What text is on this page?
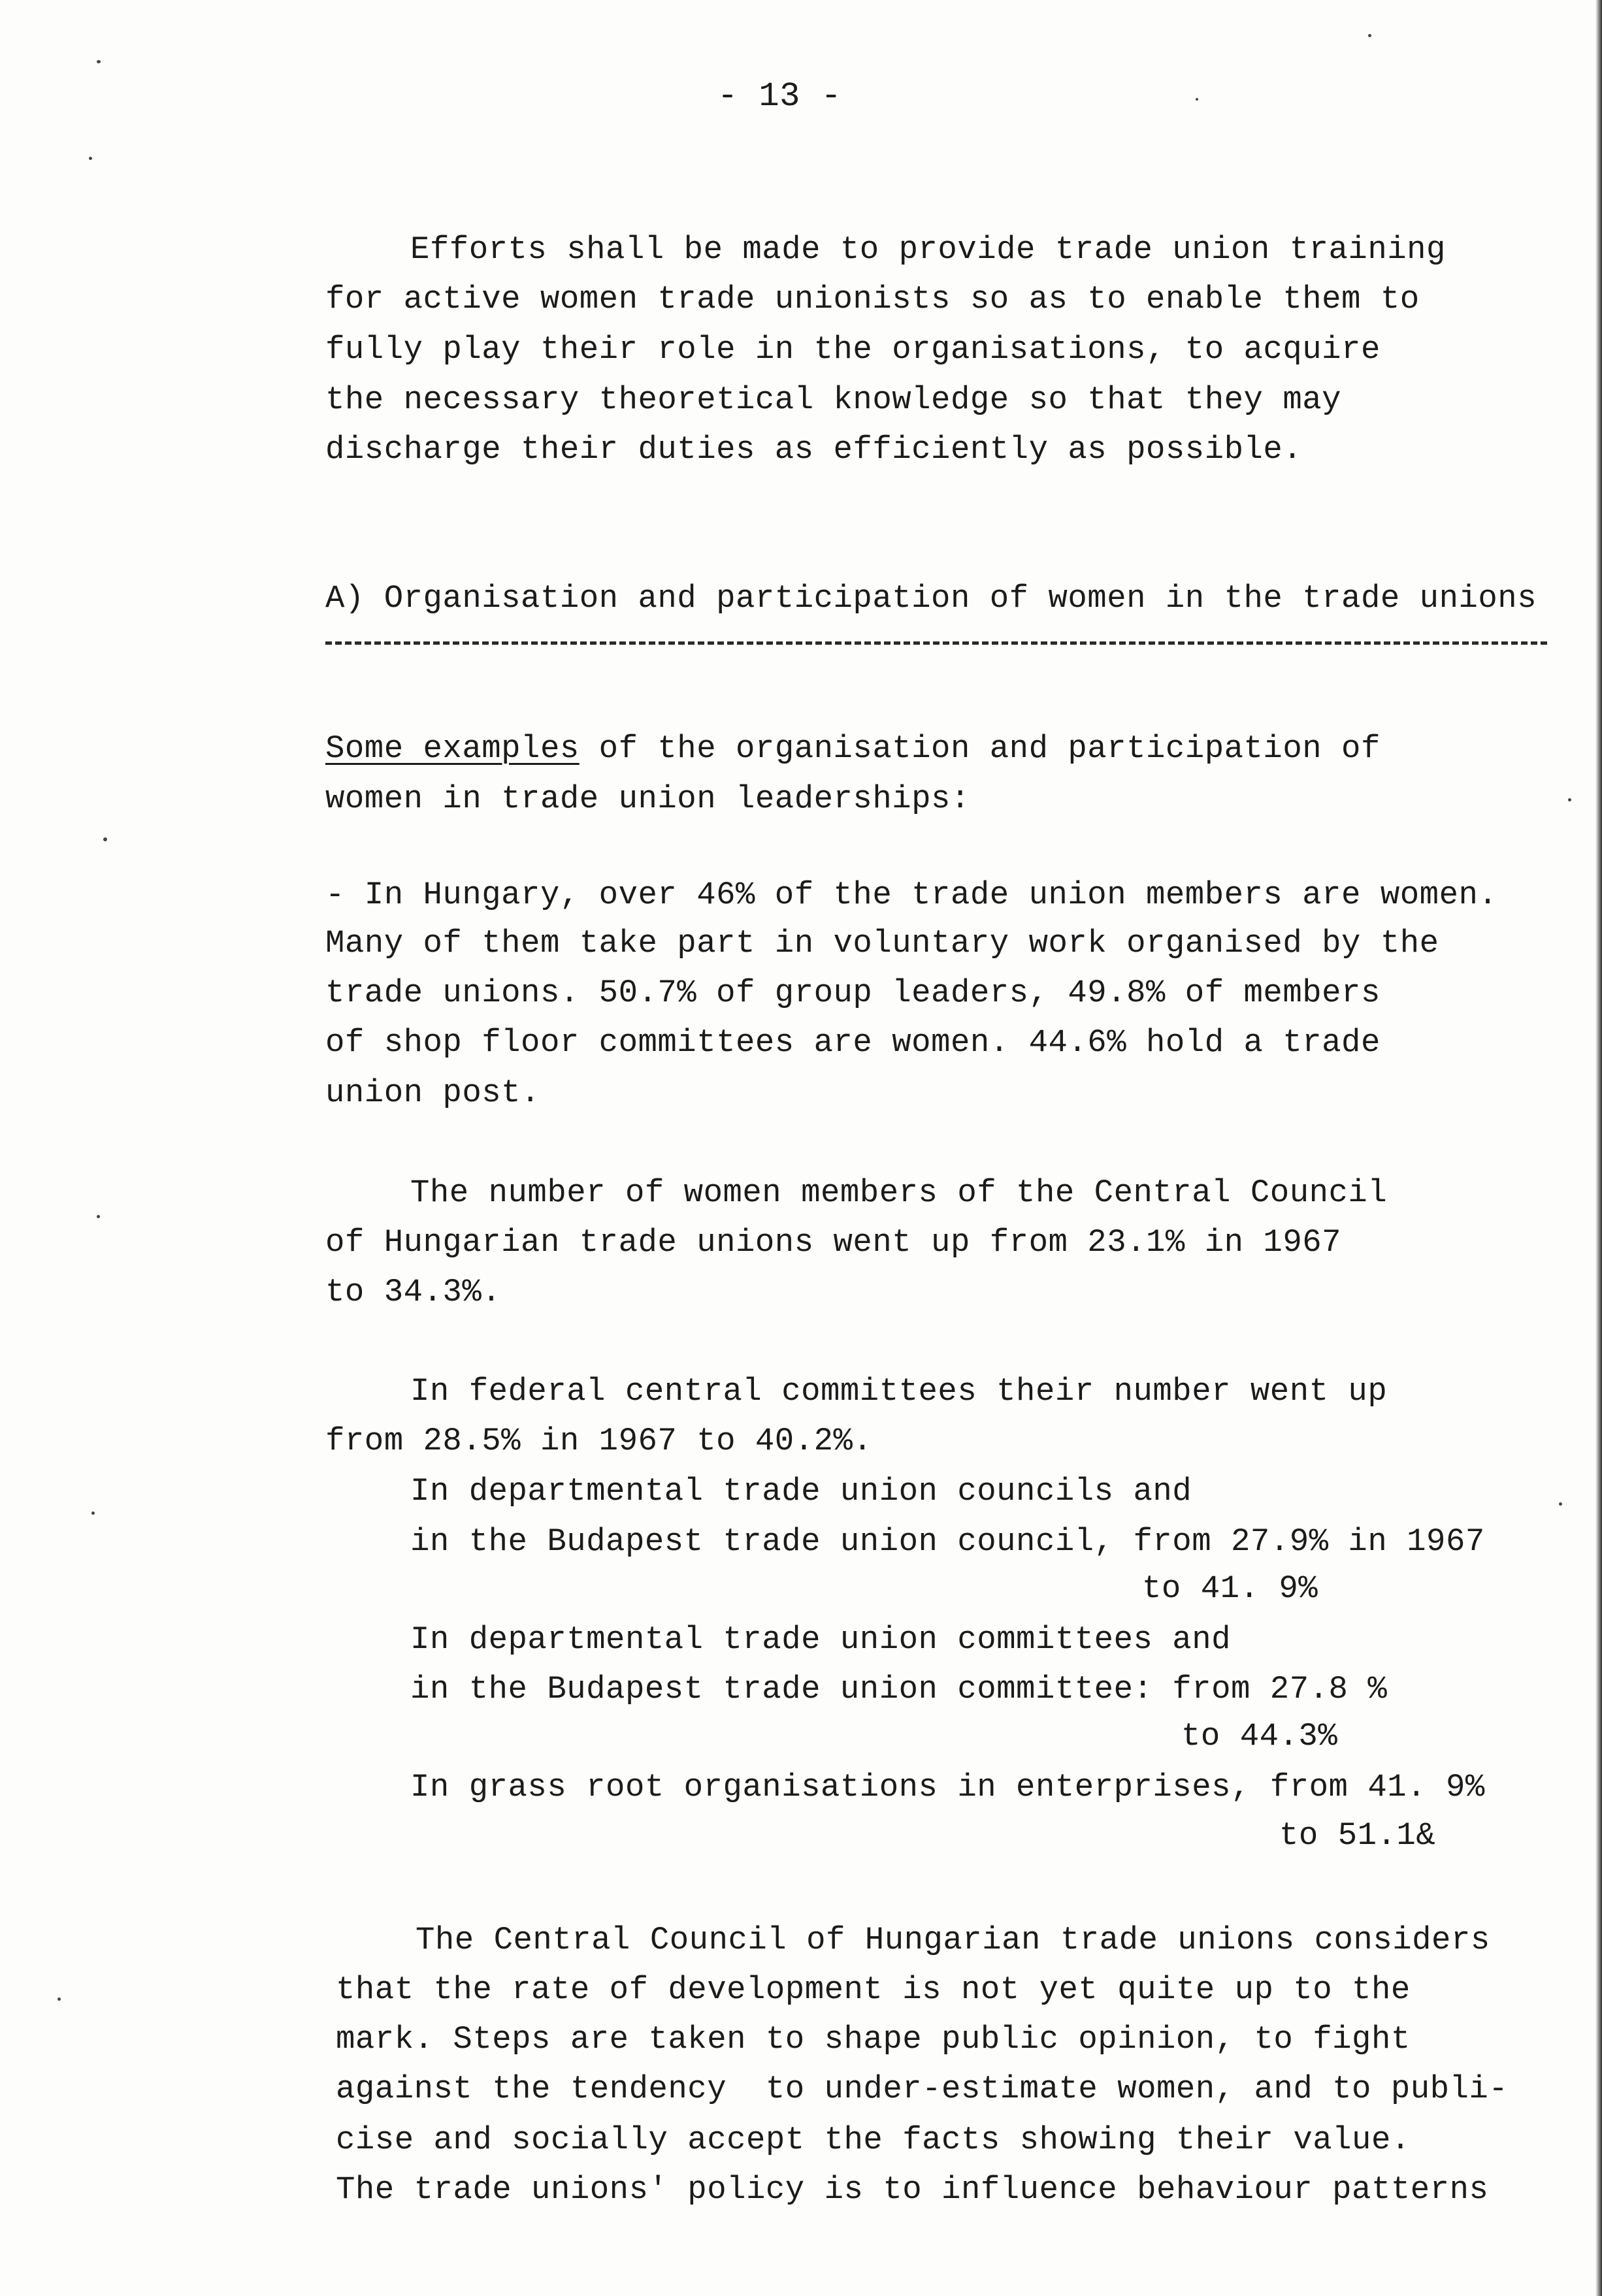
- 13 -
Efforts shall be made to provide trade union training
for active women trade unionists so as to enable them to
fully play their role in the organisations, to acquire
the necessary theoretical knowledge so that they may
discharge their duties as efficiently as possible.
A) Organisation and participation of women in the trade unions
Some examples of the organisation and participation of
women in trade union leaderships:
- In Hungary, over 46% of the trade union members are women.
Many of them take part in voluntary work organised by the
trade unions. 50.7% of group leaders, 49.8% of members
of shop floor committees are women. 44.6% hold a trade
union post.
The number of women members of the Central Council
of Hungarian trade unions went up from 23.1% in 1967
to 34.3%.
In federal central committees their number went up
from 28.5% in 1967 to 40.2%.
In departmental trade union councils and
in the Budapest trade union council, from 27.9% in 1967
to 41. 9%
In departmental trade union committees and
in the Budapest trade union committee: from 27.8 %
to 44.3%
In grass root organisations in enterprises, from 41. 9%
to 51.1&
The Central Council of Hungarian trade unions considers
that the rate of development is not yet quite up to the
mark. Steps are taken to shape public opinion, to fight
against the tendency  to under-estimate women, and to publi-
cise and socially accept the facts showing their value.
The trade unions' policy is to influence behaviour patterns
